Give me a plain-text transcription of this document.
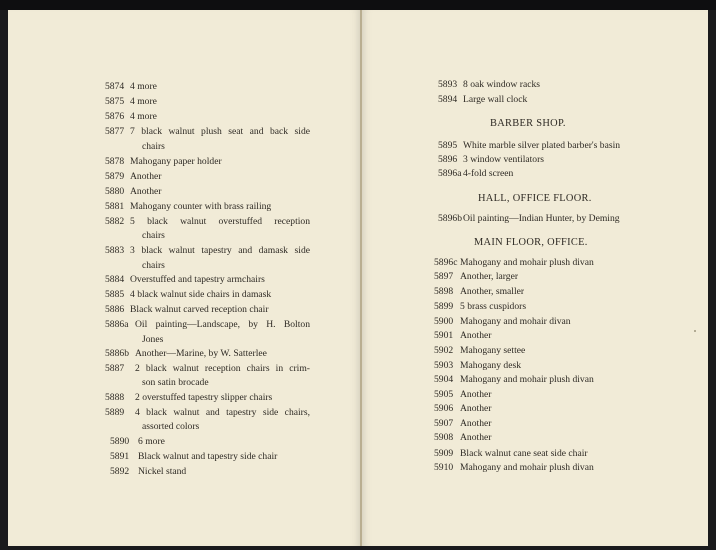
5874 4 more
5875 4 more
5876 4 more
5877 7 black walnut plush seat and back side
chairs
5878 Mahogany paper holder
5879 Another
5880 Another
5881 Mahogany counter with brass railing
5882 5 black walnut overstuffed reception
chairs
5883 3 black walnut tapestry and damask side
chairs
5884 Overstuffed and tapestry armchairs
5885 4 black walnut side chairs in damask
5886 Black walnut carved reception chair
5886a Oil painting—Landscape, by H. Bolton
Jones
5886b Another—Marine, by W. Satterlee
5887 2 black walnut reception chairs in crim-
son satin brocade
5888 2 overstuffed tapestry slipper chairs
5889 4 black walnut and tapestry side chairs,
assorted colors
5890 6 more
5891 Black walnut and tapestry side chair
5892 Nickel stand
5893 8 oak window racks
5894 Large wall clock
BARBER SHOP.
5895 White marble silver plated barber's basin
5896 3 window ventilators
5896a 4-fold screen
HALL, OFFICE FLOOR.
5896b Oil painting—Indian Hunter, by Deming
MAIN FLOOR, OFFICE.
5896c Mahogany and mohair plush divan
5897 Another, larger
5898 Another, smaller
5899 5 brass cuspidors
5900 Mahogany and mohair divan
5901 Another
5902 Mahogany settee
5903 Mahogany desk
5904 Mahogany and mohair plush divan
5905 Another
5906 Another
5907 Another
5908 Another
5909 Black walnut cane seat side chair
5910 Mahogany and mohair plush divan
